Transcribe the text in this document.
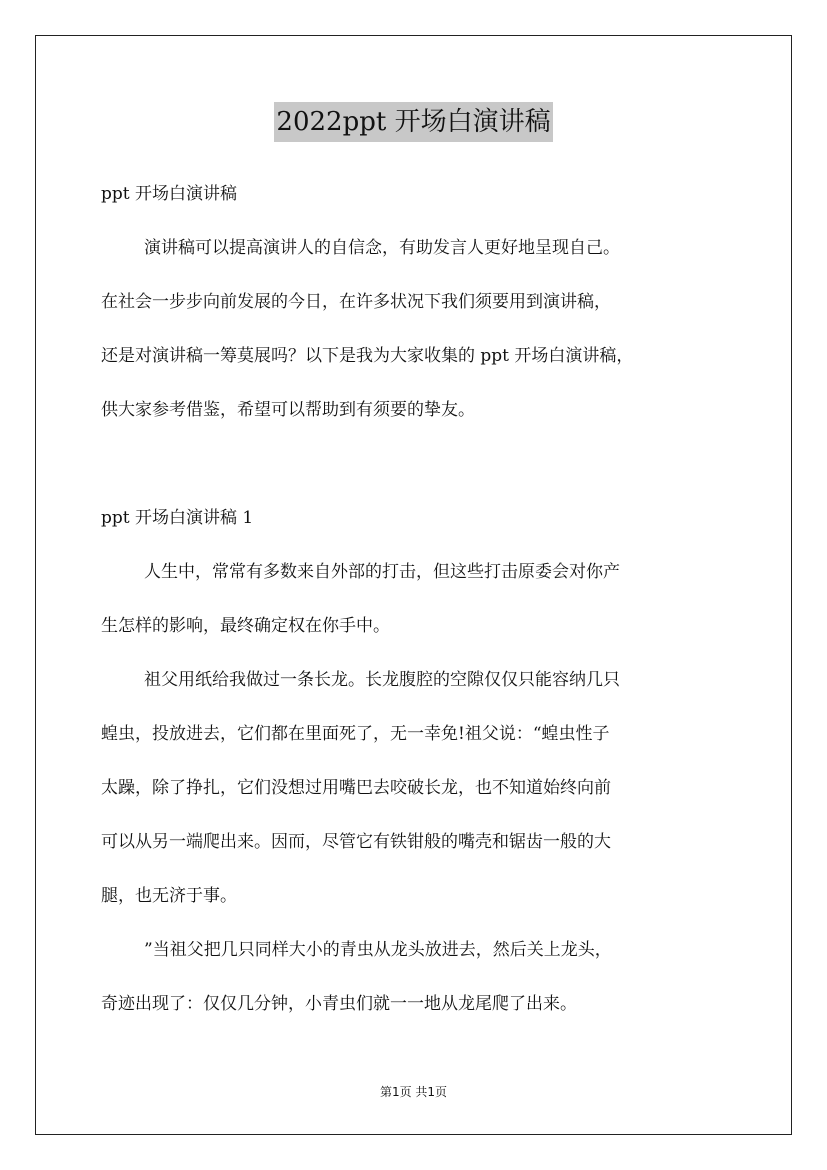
2022ppt 开场白演讲稿
ppt 开场白演讲稿
演讲稿可以提高演讲人的自信念，有助发言人更好地呈现自己。
在社会一步步向前发展的今日，在许多状况下我们须要用到演讲稿，
还是对演讲稿一筹莫展吗？以下是我为大家收集的 ppt 开场白演讲稿，
供大家参考借鉴，希望可以帮助到有须要的挚友。
ppt 开场白演讲稿 1
人生中，常常有多数来自外部的打击，但这些打击原委会对你产
生怎样的影响，最终确定权在你手中。
祖父用纸给我做过一条长龙。长龙腹腔的空隙仅仅只能容纳几只
蝗虫，投放进去，它们都在里面死了，无一幸免!祖父说：“蝗虫性子
太躁，除了挣扎，它们没想过用嘴巴去咬破长龙，也不知道始终向前
可以从另一端爬出来。因而，尽管它有铁钳般的嘴壳和锯齿一般的大
腿，也无济于事。
”当祖父把几只同样大小的青虫从龙头放进去，然后关上龙头，
奇迹出现了：仅仅几分钟，小青虫们就一一地从龙尾爬了出来。
第1页 共1页
